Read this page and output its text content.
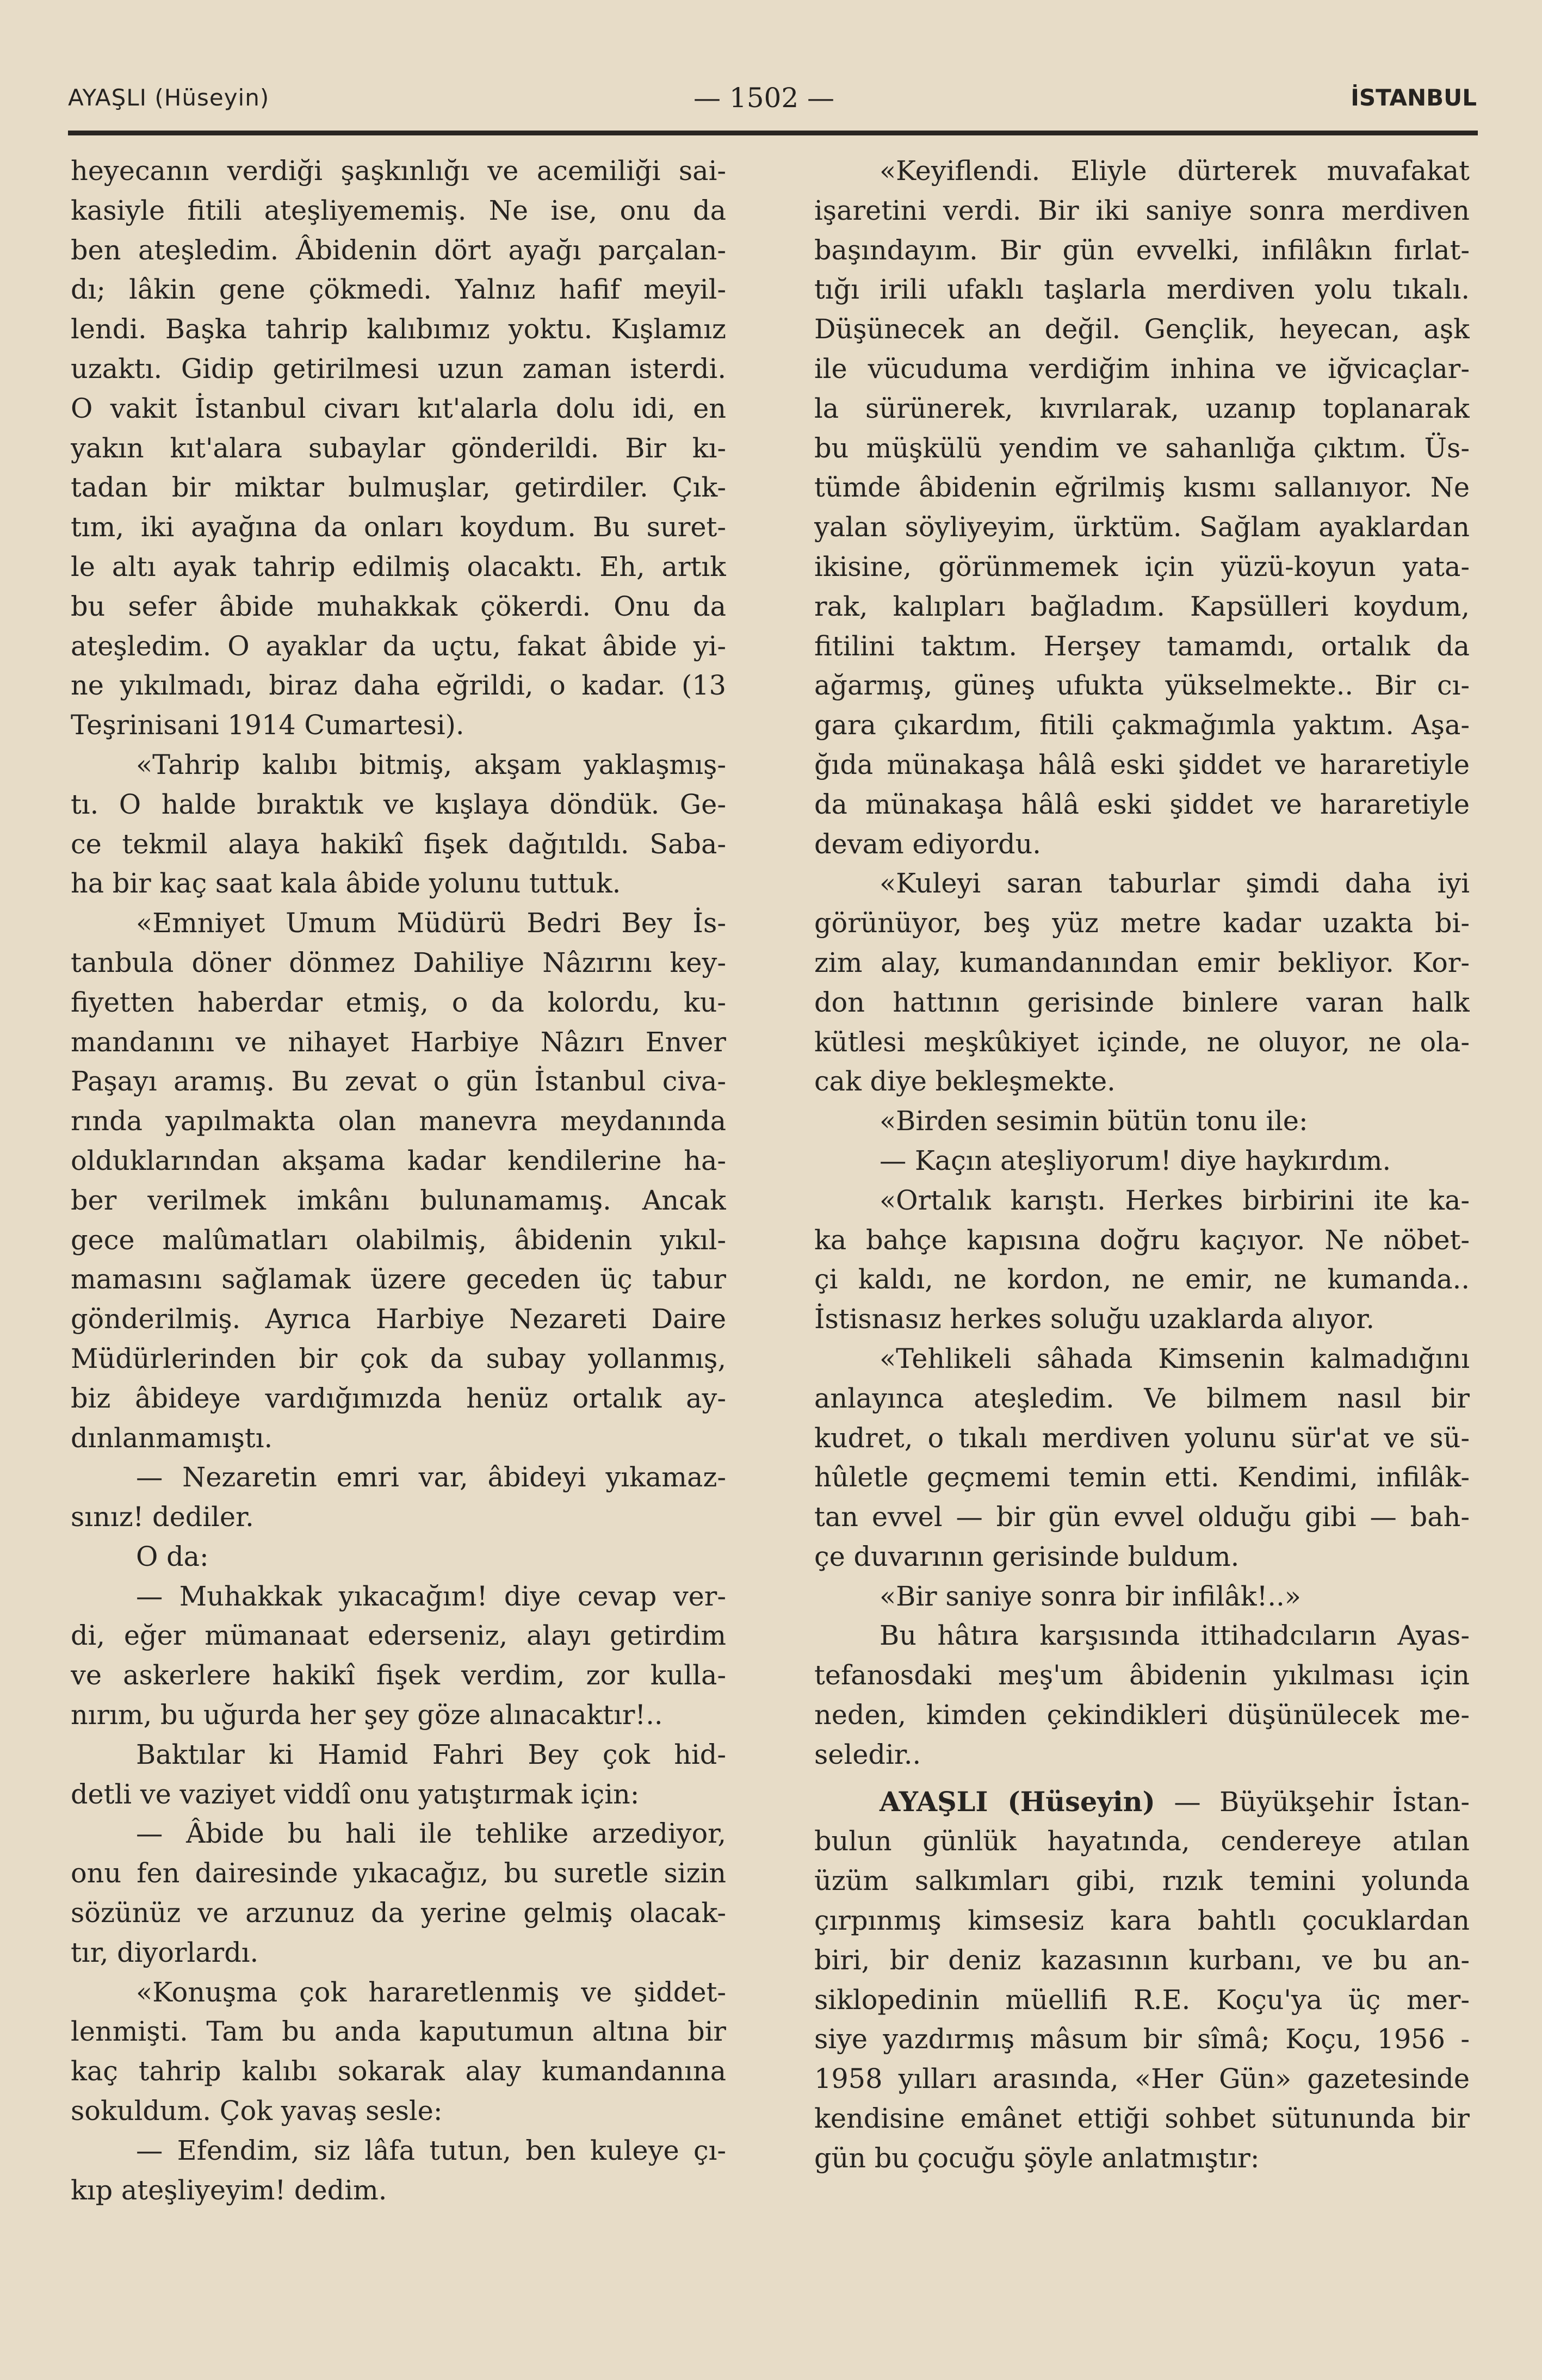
AYAŞLI (Hüseyin)	— 1502 —	İSTANBUL
heyecanın verdiği şaşkınlığı ve acemiliği sai-
kasiyle fitili ateşliyememiş. Ne ise, onu da
ben ateşledim. Âbidenin dört ayağı parçalan-
dı; lâkin gene çökmedi. Yalnız hafif meyil-
lendi. Başka tahrip kalıbımız yoktu. Kışlamız
uzaktı. Gidip getirilmesi uzun zaman isterdi.
O vakit İstanbul civarı kıt'alarla dolu idi, en
yakın kıt'alara subaylar gönderildi. Bir kı-
tadan bir miktar bulmuşlar, getirdiler. Çık-
tım, iki ayağına da onları koydum. Bu suret-
le altı ayak tahrip edilmiş olacaktı. Eh, artık
bu sefer âbide muhakkak çökerdi. Onu da
ateşledim. O ayaklar da uçtu, fakat âbide yi-
ne yıkılmadı, biraz daha eğrildi, o kadar. (13
Teşrinisani 1914 Cumartesi).
«Tahrip kalıbı bitmiş, akşam yaklaşmış-
tı. O halde bıraktık ve kışlaya döndük. Ge-
ce tekmil alaya hakikî fişek dağıtıldı. Saba-
ha bir kaç saat kala âbide yolunu tuttuk.
«Emniyet Umum Müdürü Bedri Bey İs-
tanbula döner dönmez Dahiliye Nâzırını key-
fiyetten haberdar etmiş, o da kolordu, ku-
mandanını ve nihayet Harbiye Nâzırı Enver
Paşayı aramış. Bu zevat o gün İstanbul civa-
rında yapılmakta olan manevra meydanında
olduklarından akşama kadar kendilerine ha-
ber verilmek imkânı bulunamamış. Ancak
gece malûmatları olabilmiş, âbidenin yıkıl-
mamasını sağlamak üzere geceden üç tabur
gönderilmiş. Ayrıca Harbiye Nezareti Daire
Müdürlerinden bir çok da subay yollanmış,
biz âbideye vardığımızda henüz ortalık ay-
dınlanmamıştı.
— Nezaretin emri var, âbideyi yıkamaz-
sınız! dediler.
O da:
— Muhakkak yıkacağım! diye cevap ver-
di, eğer mümanaat ederseniz, alayı getirdim
ve askerlere hakikî fişek verdim, zor kulla-
nırım, bu uğurda her şey göze alınacaktır!..
Baktılar ki Hamid Fahri Bey çok hid-
detli ve vaziyet viddî onu yatıştırmak için:
— Âbide bu hali ile tehlike arzediyor,
onu fen dairesinde yıkacağız, bu suretle sizin
sözünüz ve arzunuz da yerine gelmiş olacak-
tır, diyorlardı.
«Konuşma çok hararetlenmiş ve şiddet-
lenmişti. Tam bu anda kaputumun altına bir
kaç tahrip kalıbı sokarak alay kumandanına
sokuldum. Çok yavaş sesle:
— Efendim, siz lâfa tutun, ben kuleye çı-
kıp ateşliyeyim! dedim.
«Keyiflendi. Eliyle dürterek muvafakat
işaretini verdi. Bir iki saniye sonra merdiven
başındayım. Bir gün evvelki, infilâkın fırlat-
tığı irili ufaklı taşlarla merdiven yolu tıkalı.
Düşünecek an değil. Gençlik, heyecan, aşk
ile vücuduma verdiğim inhina ve iğvicaçlar-
la sürünerek, kıvrılarak, uzanıp toplanarak
bu müşkülü yendim ve sahanlığa çıktım. Üs-
tümde âbidenin eğrilmiş kısmı sallanıyor. Ne
yalan söyliyeyim, ürktüm. Sağlam ayaklardan
ikisine, görünmemek için yüzü-koyun yata-
rak, kalıpları bağladım. Kapsülleri koydum,
fitilini taktım. Herşey tamamdı, ortalık da
ağarmış, güneş ufukta yükselmekte.. Bir cı-
gara çıkardım, fitili çakmağımla yaktım. Aşa-
ğıda münakaşa hâlâ eski şiddet ve harareti̇yle
da münakaşa hâlâ eski şiddet ve hararetiyle
devam ediyordu.
«Kuleyi saran taburlar şimdi daha iyi
görünüyor, beş yüz metre kadar uzakta bi-
zim alay, kumandanından emir bekliyor. Kor-
don hattının gerisinde binlere varan halk
kütlesi meşkûkiyet içinde, ne oluyor, ne ola-
cak diye bekleşmekte.
«Birden sesimin bütün tonu ile:
— Kaçın ateşliyorum! diye haykırdım.
«Ortalık karıştı. Herkes birbirini ite ka-
ka bahçe kapısına doğru kaçıyor. Ne nöbet-
çi kaldı, ne kordon, ne emir, ne kumanda..
İstisnasız herkes soluğu uzaklarda alıyor.
«Tehlikeli sâhada Kimsenin kalmadığını
anlayınca ateşledim. Ve bilmem nasıl bir
kudret, o tıkalı merdiven yolunu sür'at ve sü-
hûletle geçmemi temin etti. Kendimi, infilâk-
tan evvel — bir gün evvel olduğu gibi — bah-
çe duvarının gerisinde buldum.
«Bir saniye sonra bir infilâk!..»
Bu hâtıra karşısında ittihadcıların Ayas-
tefanosdaki meş'um âbidenin yıkılması için
neden, kimden çekindikleri düşünülecek me-
seledir..
AYAŞLI (Hüseyin) — Büyükşehir İstan-
bulun günlük hayatında, cendereye atılan
üzüm salkımları gibi, rızık temini yolunda
çırpınmış kimsesiz kara bahtlı çocuklardan
biri, bir deniz kazasının kurbanı, ve bu an-
siklopedinin müellifi R.E. Koçu'ya üç mer-
siye yazdırmış mâsum bir sîmâ; Koçu, 1956 -
1958 yılları arasında, «Her Gün» gazetesinde
kendisine emânet ettiği sohbet sütununda bir
gün bu çocuğu şöyle anlatmıştır:
